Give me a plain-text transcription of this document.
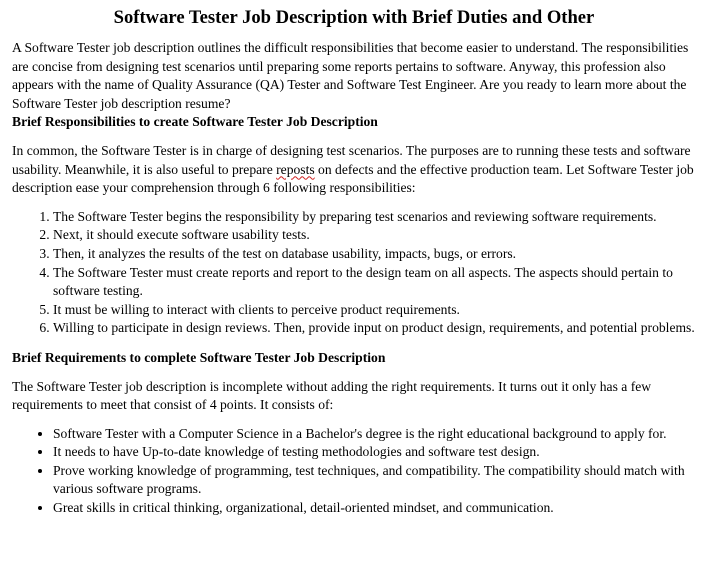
Software Tester Job Description with Brief Duties and Other

A Software Tester job description outlines the difficult responsibilities that become easier to understand. The responsibilities are concise from designing test scenarios until preparing some reports pertains to software. Anyway, this profession also appears with the name of Quality Assurance (QA) Tester and Software Test Engineer. Are you ready to learn more about the Software Tester job description resume?

Brief Responsibilities to create Software Tester Job Description

In common, the Software Tester is in charge of designing test scenarios. The purposes are to running these tests and software usability. Meanwhile, it is also useful to prepare reposts on defects and the effective production team. Let Software Tester job description ease your comprehension through 6 following responsibilities:

1. The Software Tester begins the responsibility by preparing test scenarios and reviewing software requirements.
2. Next, it should execute software usability tests.
3. Then, it analyzes the results of the test on database usability, impacts, bugs, or errors.
4. The Software Tester must create reports and report to the design team on all aspects. The aspects should pertain to software testing.
5. It must be willing to interact with clients to perceive product requirements.
6. Willing to participate in design reviews. Then, provide input on product design, requirements, and potential problems.

Brief Requirements to complete Software Tester Job Description

The Software Tester job description is incomplete without adding the right requirements. It turns out it only has a few requirements to meet that consist of 4 points. It consists of:

• Software Tester with a Computer Science in a Bachelor's degree is the right educational background to apply for.
• It needs to have Up-to-date knowledge of testing methodologies and software test design.
• Prove working knowledge of programming, test techniques, and compatibility. The compatibility should match with various software programs.
• Great skills in critical thinking, organizational, detail-oriented mindset, and communication.
